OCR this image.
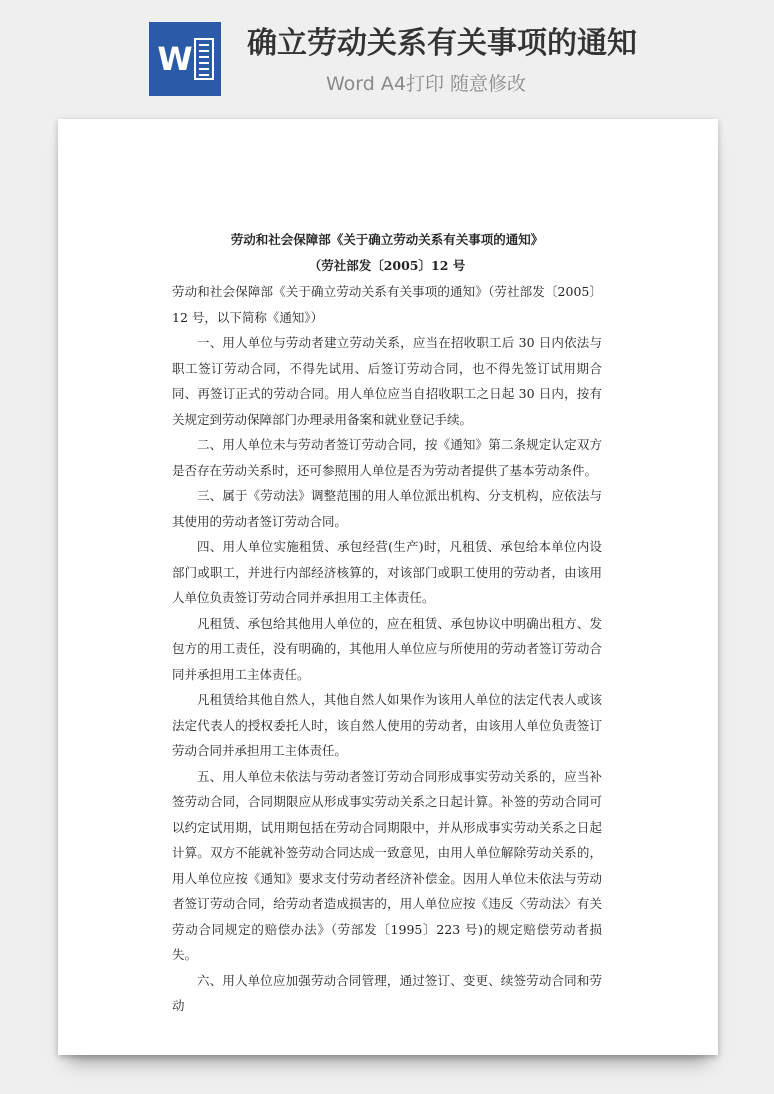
W 确立劳动关系有关事项的通知
Word A4打印 随意修改
劳动和社会保障部《关于确立劳动关系有关事项的通知》
（劳社部发〔2005〕12 号

劳动和社会保障部《关于确立劳动关系有关事项的通知》（劳社部发〔2005〕12 号，以下简称《通知》）

一、用人单位与劳动者建立劳动关系，应当在招收职工后 30 日内依法与职工签订劳动合同，不得先试用、后签订劳动合同，也不得先签订试用期合同、再签订正式的劳动合同。用人单位应当自招收职工之日起 30 日内，按有关规定到劳动保障部门办理录用备案和就业登记手续。

二、用人单位未与劳动者签订劳动合同，按《通知》第二条规定认定双方是否存在劳动关系时，还可参照用人单位是否为劳动者提供了基本劳动条件。

三、属于《劳动法》调整范围的用人单位派出机构、分支机构，应依法与其使用的劳动者签订劳动合同。

四、用人单位实施租赁、承包经营(生产)时，凡租赁、承包给本单位内设部门或职工，并进行内部经济核算的，对该部门或职工使用的劳动者，由该用人单位负责签订劳动合同并承担用工主体责任。

凡租赁、承包给其他用人单位的，应在租赁、承包协议中明确出租方、发包方的用工责任，没有明确的，其他用人单位应与所使用的劳动者签订劳动合同并承担用工主体责任。

凡租赁给其他自然人，其他自然人如果作为该用人单位的法定代表人或该法定代表人的授权委托人时，该自然人使用的劳动者，由该用人单位负责签订劳动合同并承担用工主体责任。

五、用人单位未依法与劳动者签订劳动合同形成事实劳动关系的，应当补签劳动合同，合同期限应从形成事实劳动关系之日起计算。补签的劳动合同可以约定试用期，试用期包括在劳动合同期限中，并从形成事实劳动关系之日起计算。双方不能就补签劳动合同达成一致意见，由用人单位解除劳动关系的，用人单位应按《通知》要求支付劳动者经济补偿金。因用人单位未依法与劳动者签订劳动合同，给劳动者造成损害的，用人单位应按《违反〈劳动法〉有关劳动合同规定的赔偿办法》（劳部发〔1995〕223 号)的规定赔偿劳动者损失。

六、用人单位应加强劳动合同管理，通过签订、变更、续签劳动合同和劳动
